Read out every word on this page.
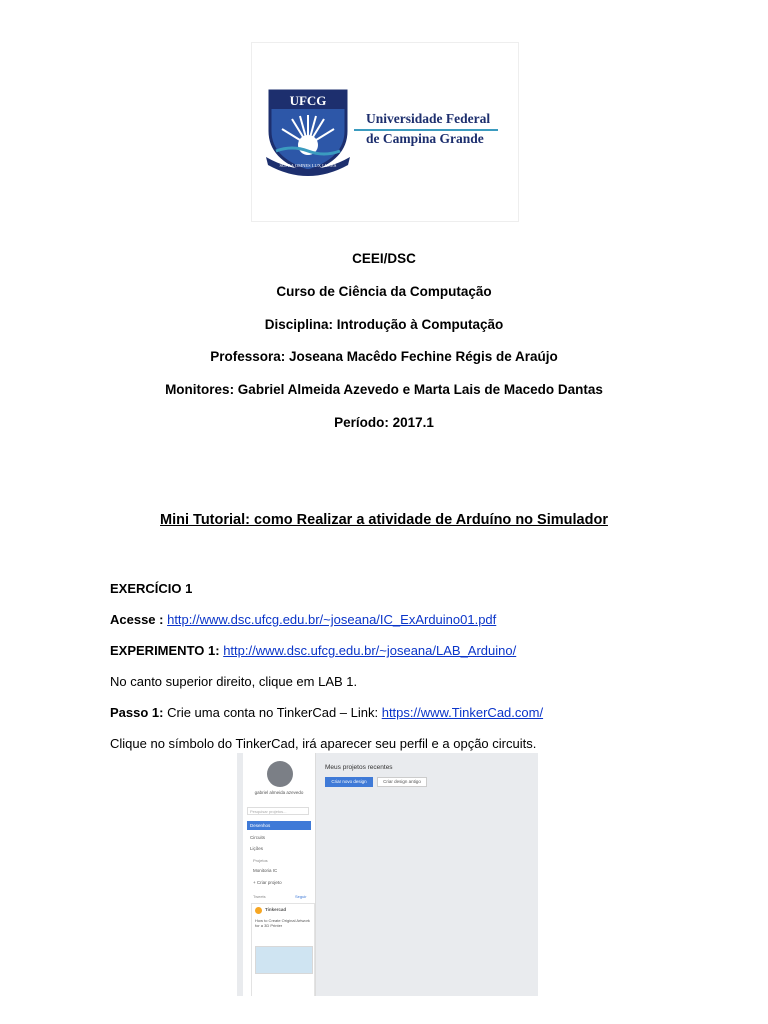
UFCG
SUPRA OMNES LUX LUCES
Universidade Federal
de Campina Grande
CEEI/DSC
Curso de Ciência da Computação
Disciplina: Introdução à Computação
Professora: Joseana Macêdo Fechine Régis de Araújo
Monitores: Gabriel Almeida Azevedo e Marta Lais de Macedo Dantas
Período: 2017.1
Mini Tutorial: como Realizar a atividade de Arduíno no Simulador
EXERCÍCIO 1
Acesse : http://www.dsc.ufcg.edu.br/~joseana/IC_ExArduino01.pdf
EXPERIMENTO 1: http://www.dsc.ufcg.edu.br/~joseana/LAB_Arduino/
No canto superior direito, clique em LAB 1.
Passo 1: Crie uma conta no TinkerCad – Link: https://www.TinkerCad.com/
Clique no símbolo do TinkerCad, irá aparecer seu perfil e a opção circuits.
gabriel almeida azevedo
Pesquisar projetos...
Desenhos
Circuits
Lições
Projetos
Monitoria IC
+ Criar projeto
Tweets	Seguir
Tinkercad
How to Create Original Artwork for a 3D Printer
Meus projetos recentes
Criar novo design	Criar design antigo
